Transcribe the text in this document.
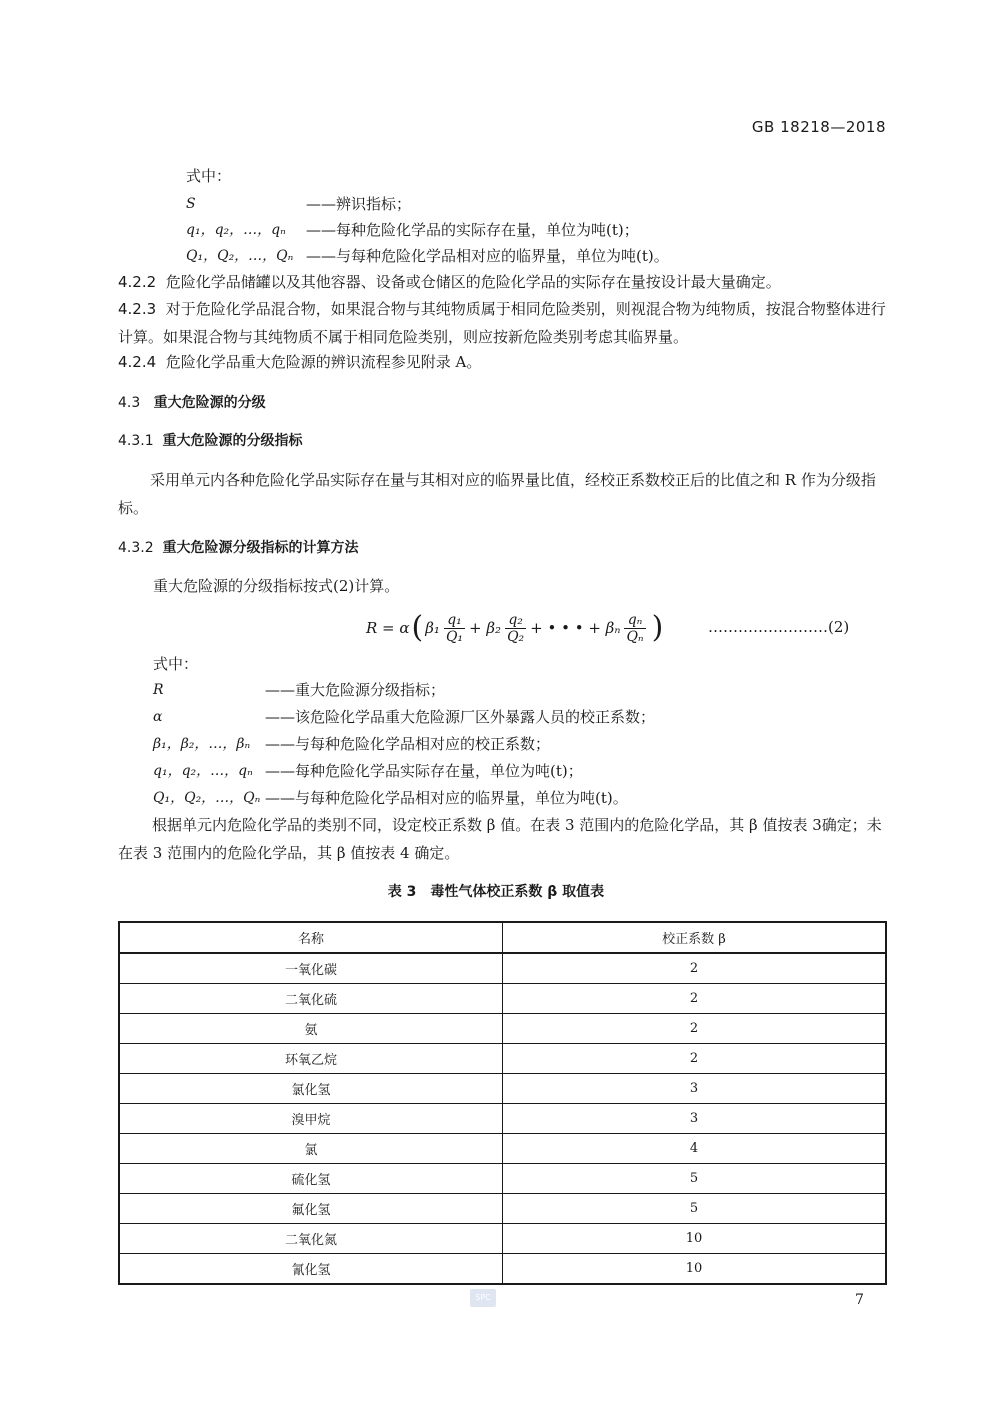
GB 18218—2018
式中：
S	——辨识指标；
q₁，q₂，…，qₙ ——每种危险化学品的实际存在量，单位为吨(t)；
Q₁，Q₂，…，Qₙ ——与每种危险化学品相对应的临界量，单位为吨(t)。
4.2.2 危险化学品储罐以及其他容器、设备或仓储区的危险化学品的实际存在量按设计最大量确定。
4.2.3 对于危险化学品混合物，如果混合物与其纯物质属于相同危险类别，则视混合物为纯物质，按混合物整体进行计算。如果混合物与其纯物质不属于相同危险类别，则应按新危险类别考虑其临界量。
4.2.4 危险化学品重大危险源的辨识流程参见附录 A。
4.3 重大危险源的分级
4.3.1 重大危险源的分级指标
采用单元内各种危险化学品实际存在量与其相对应的临界量比值，经校正系数校正后的比值之和 R 作为分级指标。
4.3.2 重大危险源分级指标的计算方法
重大危险源的分级指标按式(2)计算。
R = α ( $\beta_1 \frac{\text{q₁}}{\text{Q₁}} + \beta_2 \frac{\text{q₂}}{\text{Q₂}}$ + • • • + βₙ $\frac{\text{qₙ}}{\text{Qₙ}}$ )	……………………(2)
式中：
R	——重大危险源分级指标；
α	——该危险化学品重大危险源厂区外暴露人员的校正系数；
β₁，β₂，…，βₙ ——与每种危险化学品相对应的校正系数；
q₁，q₂，…，qₙ ——每种危险化学品实际存在量，单位为吨(t)；
Q₁，Q₂，…，Qₙ ——与每种危险化学品相对应的临界量，单位为吨(t)。
根据单元内危险化学品的类别不同，设定校正系数 β 值。在表 3 范围内的危险化学品，其 β 值按表 3确定；未在表 3 范围内的危险化学品，其 β 值按表 4 确定。
表 3　毒性气体校正系数 β 取值表
名称	校正系数 β
一氧化碳	2
二氧化硫	2
氨	2
环氧乙烷	2
氯化氢	3
溴甲烷	3
氯	4
硫化氢	5
氟化氢	5
二氧化氮	10
氰化氢	10
SPC	7
